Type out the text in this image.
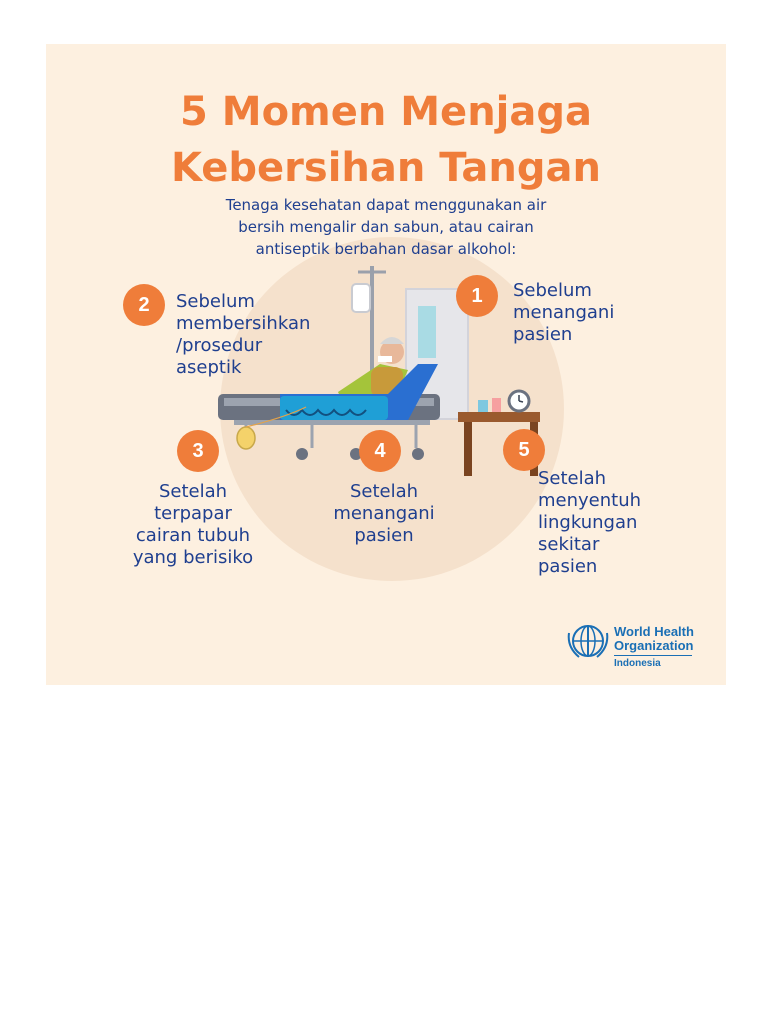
5 Momen Menjaga
Kebersihan Tangan
Tenaga kesehatan dapat menggunakan air
bersih mengalir dan sabun, atau cairan
antiseptik berbahan dasar alkohol:
2	Sebelum
membersihkan
/prosedur
aseptik
1	Sebelum
menangani
pasien
3
Setelah
terpapar
cairan tubuh
yang berisiko
4
Setelah
menangani
pasien
5
Setelah
menyentuh
lingkungan
sekitar
pasien
World Health
Organization
Indonesia
